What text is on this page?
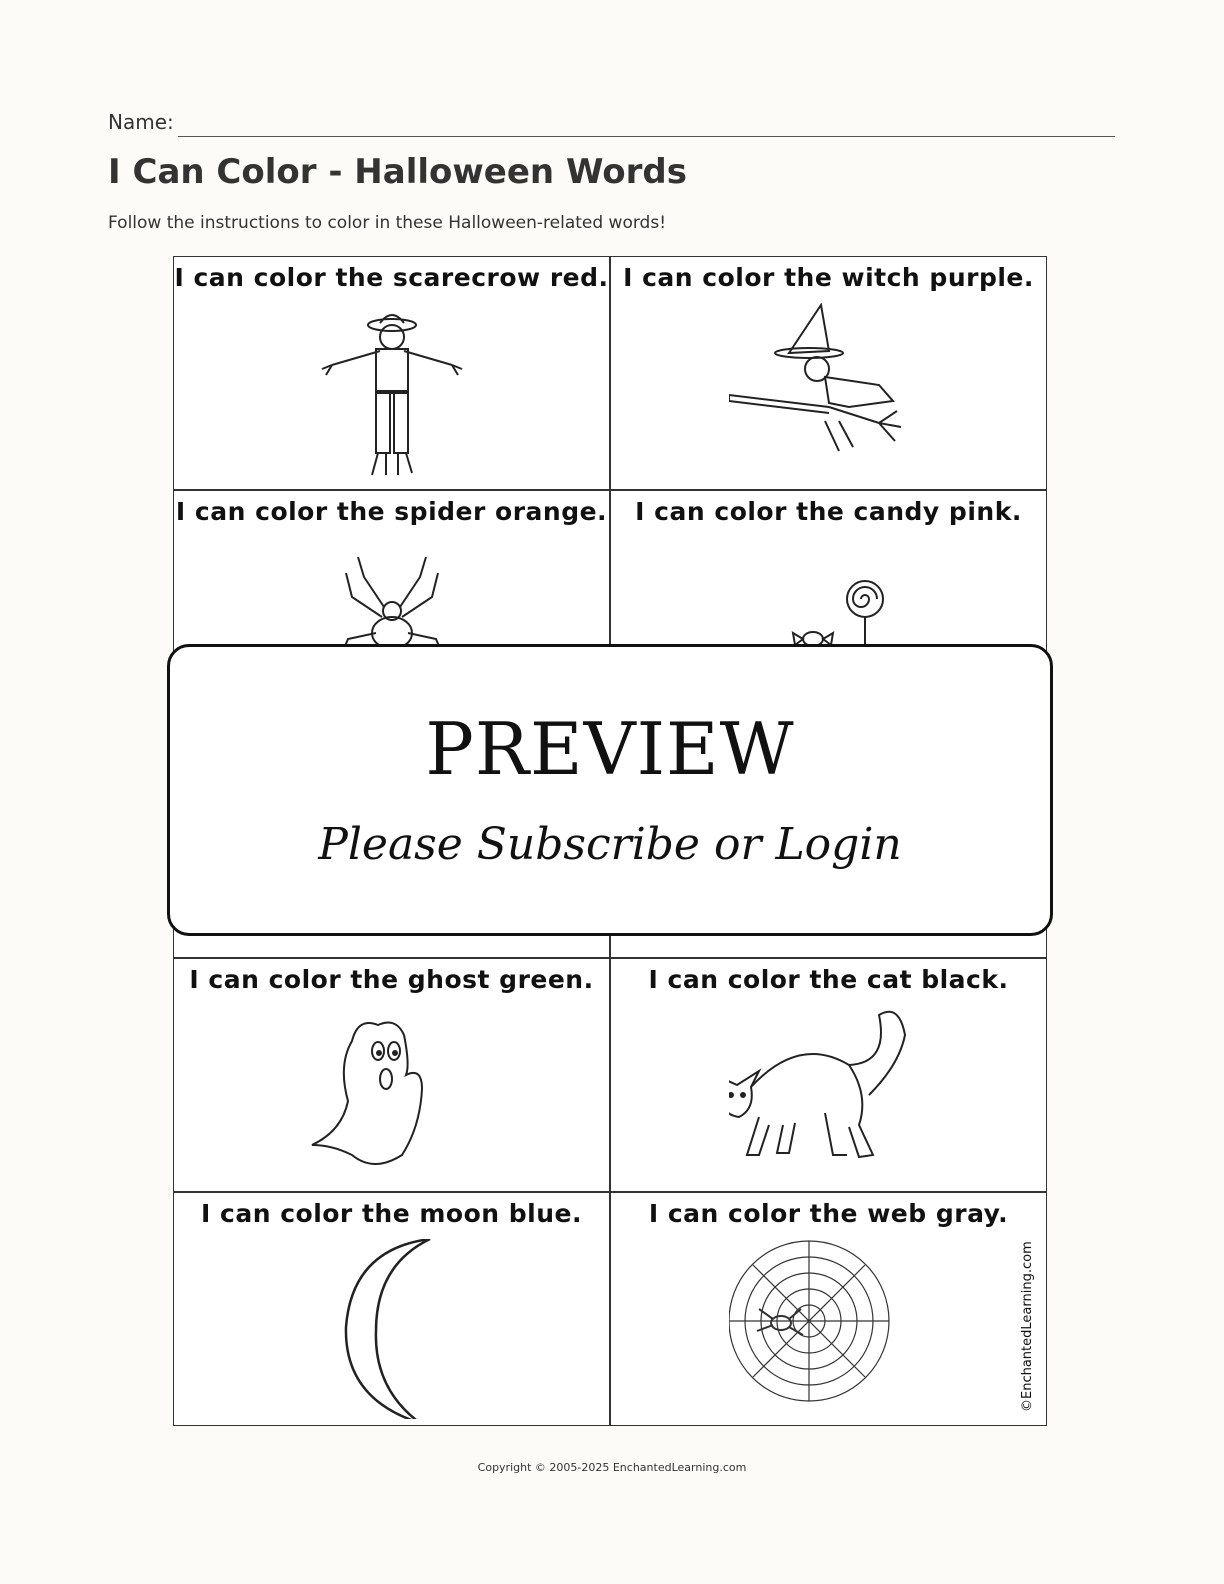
Name:
I Can Color - Halloween Words
Follow the instructions to color in these Halloween-related words!
I can color the scarecrow red. I can color the witch purple.
I can color the spider orange.	I can color the candy pink.
I can color the ghost green.	I can color the cat black.
I can color the moon blue.	I can color the web gray.
©EnchantedLearning.com
PREVIEW
Please Subscribe or Login
Copyright © 2005-2025 EnchantedLearning.com
